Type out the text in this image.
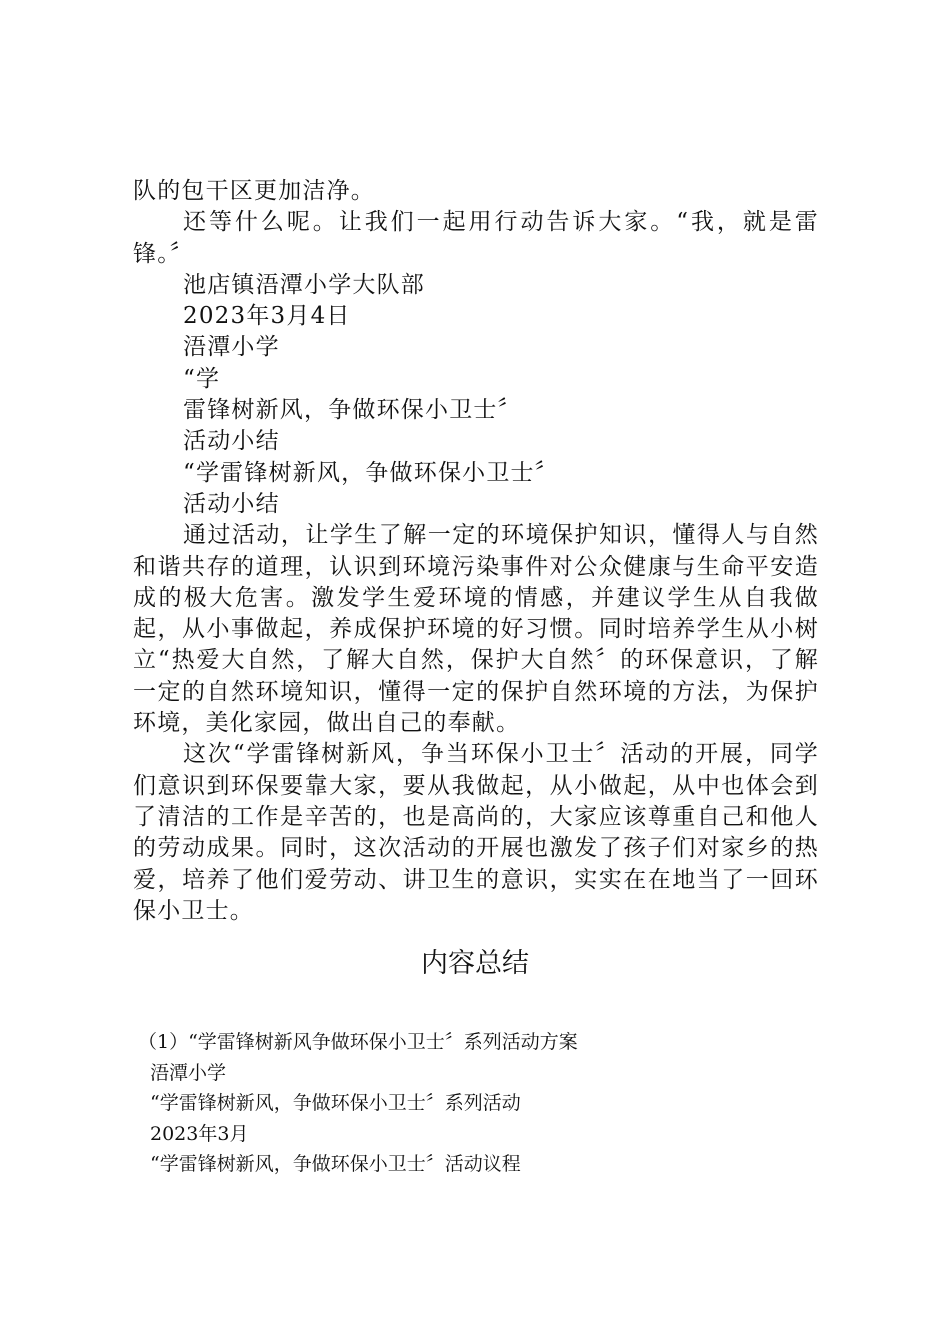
队的包干区更加洁净。

还等什么呢。让我们一起用行动告诉大家。“我，就是雷锋。〞

池店镇浯潭小学大队部

2023年3月4日

浯潭小学

“学

雷锋树新风，争做环保小卫士〞

活动小结

“学雷锋树新风，争做环保小卫士〞

活动小结

通过活动，让学生了解一定的环境保护知识，懂得人与自然和谐共存的道理，认识到环境污染事件对公众健康与生命平安造成的极大危害。激发学生爱环境的情感，并建议学生从自我做起，从小事做起，养成保护环境的好习惯。同时培养学生从小树立“热爱大自然，了解大自然，保护大自然〞的环保意识，了解一定的自然环境知识，懂得一定的保护自然环境的方法，为保护环境，美化家园，做出自己的奉献。

这次“学雷锋树新风，争当环保小卫士〞活动的开展，同学们意识到环保要靠大家，要从我做起，从小做起，从中也体会到了清洁的工作是辛苦的，也是高尚的，大家应该尊重自己和他人的劳动成果。同时，这次活动的开展也激发了孩子们对家乡的热爱，培养了他们爱劳动、讲卫生的意识，实实在在地当了一回环保小卫士。

内容总结

（1）“学雷锋树新风争做环保小卫士〞系列活动方案

浯潭小学

“学雷锋树新风，争做环保小卫士〞系列活动

2023年3月

“学雷锋树新风，争做环保小卫士〞活动议程
